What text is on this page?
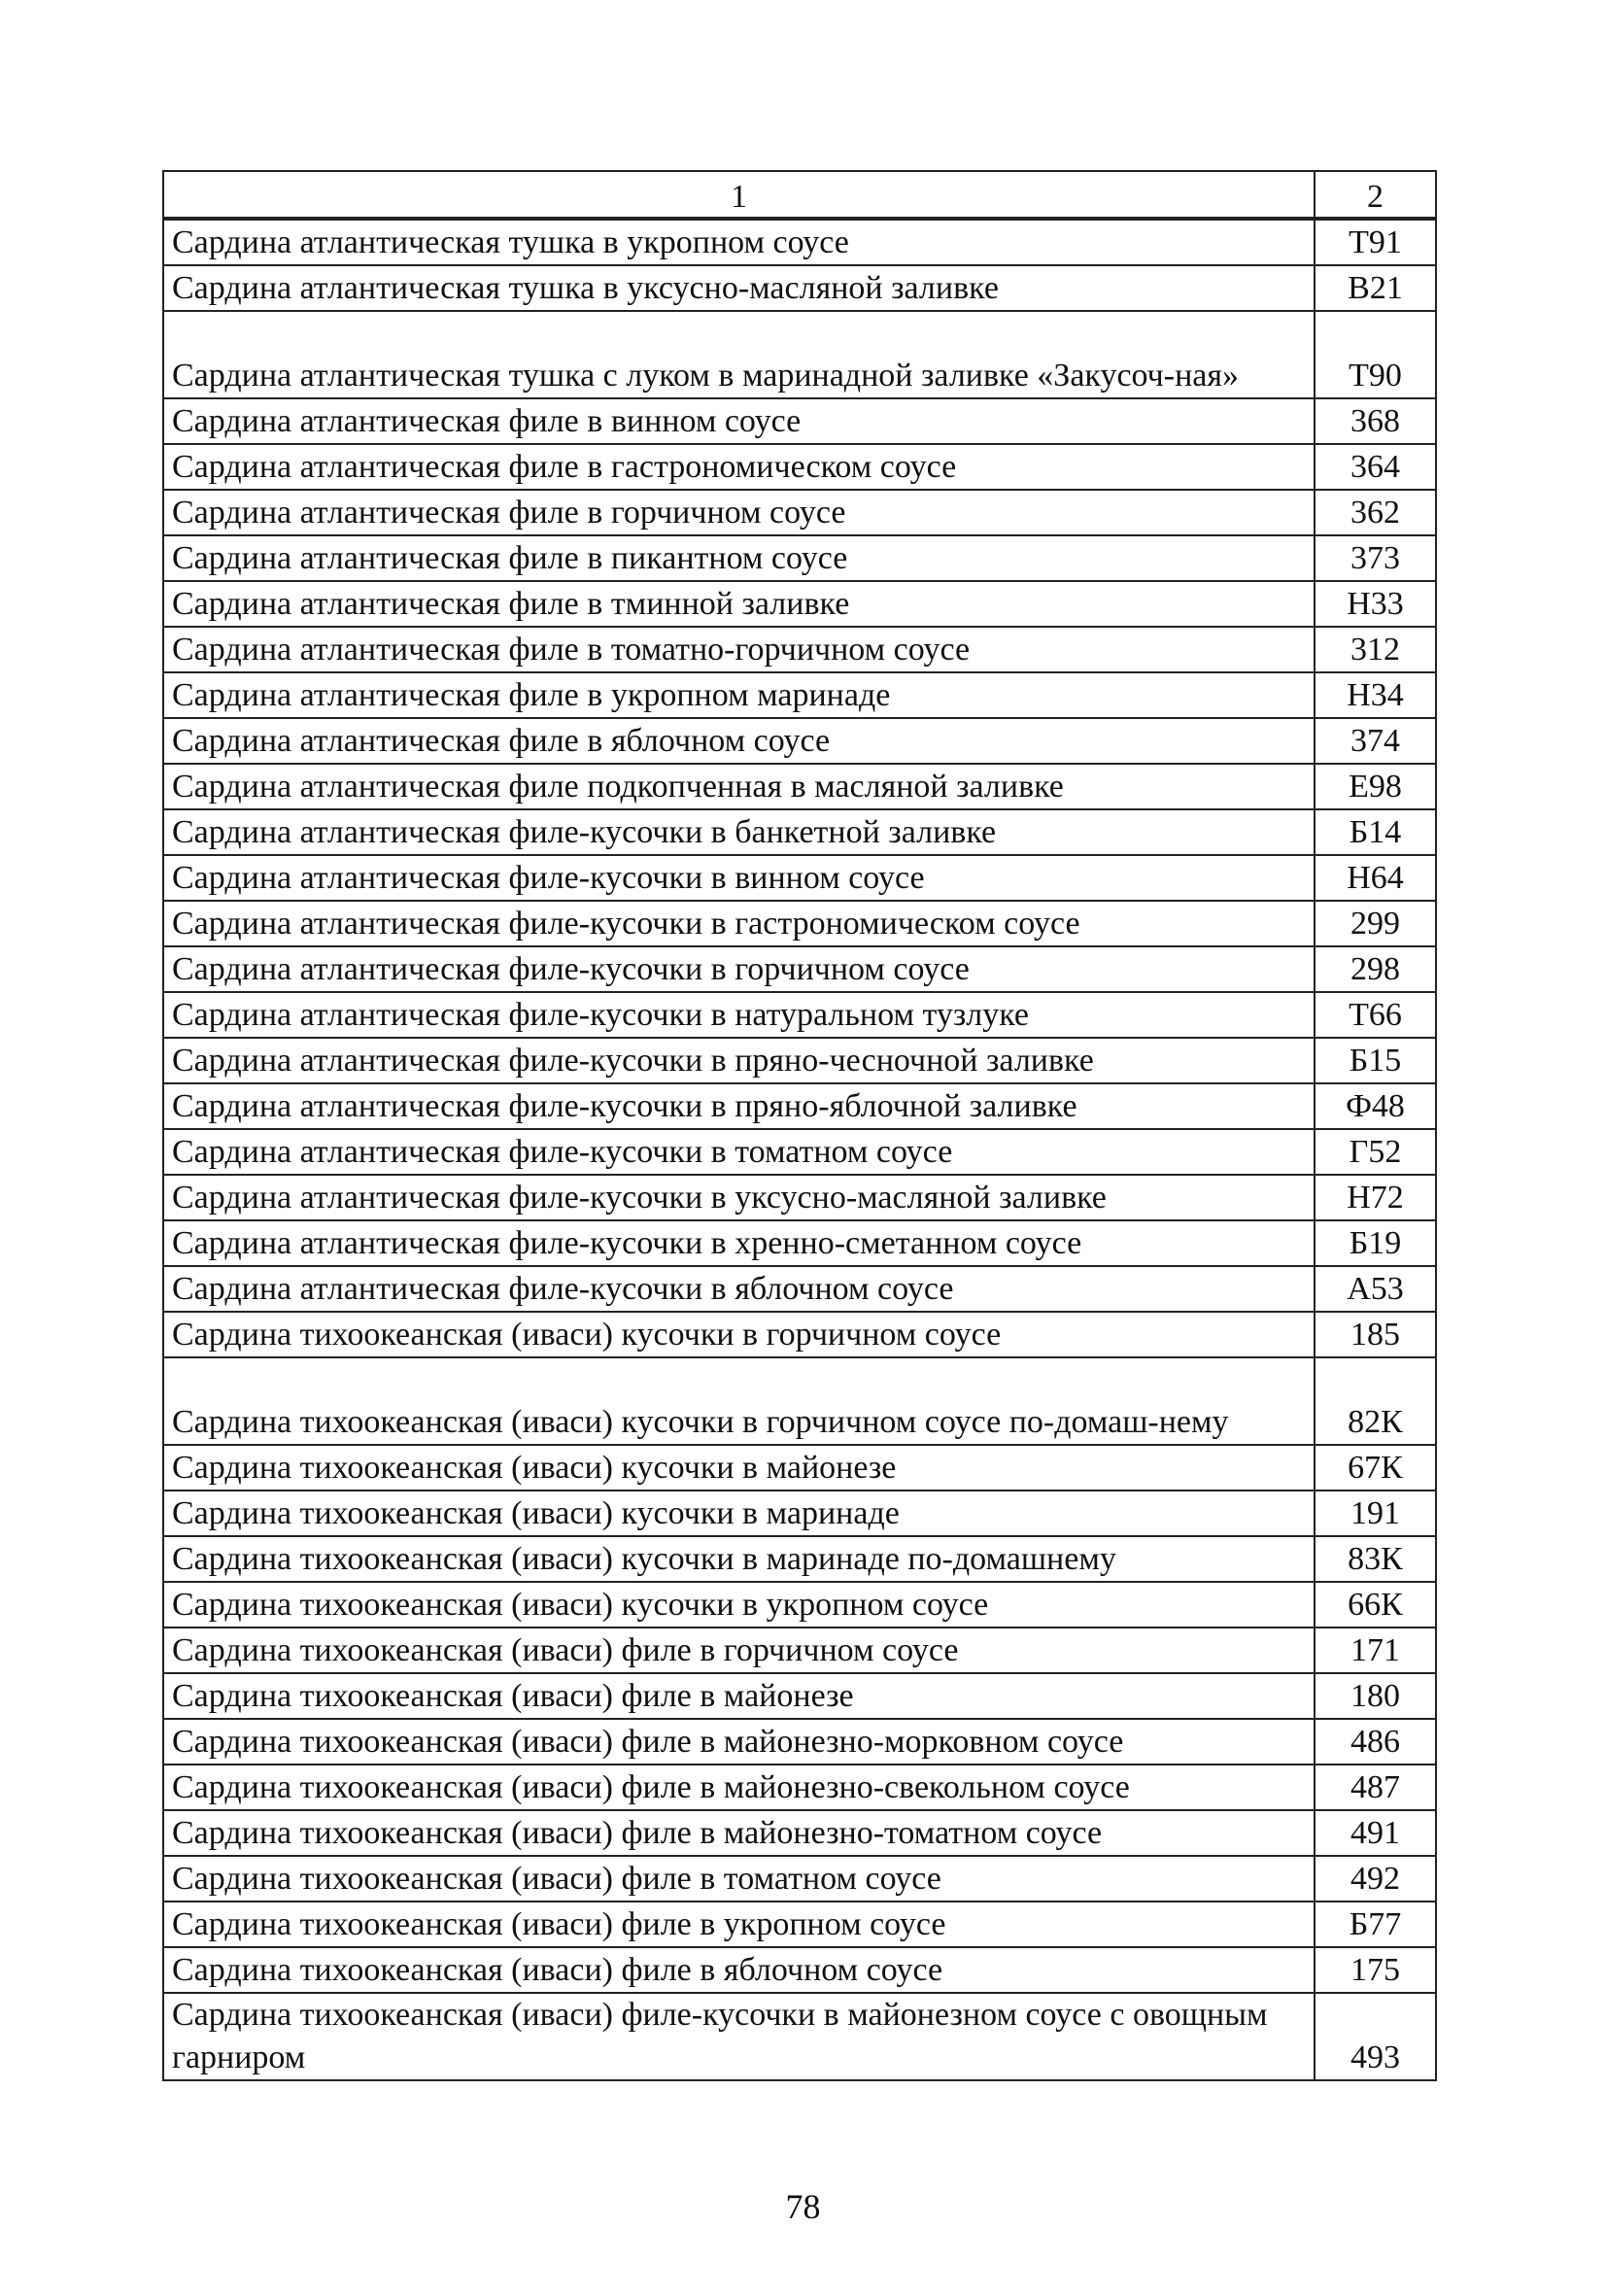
1	2
Сардина атлантическая тушка в укропном соусе	Т91
Сардина атлантическая тушка в уксусно-масляной заливке	В21
Сардина атлантическая тушка с луком в маринадной заливке «Закусоч-ная»	Т90
Сардина атлантическая филе в винном соусе	368
Сардина атлантическая филе в гастрономическом соусе	364
Сардина атлантическая филе в горчичном соусе	362
Сардина атлантическая филе в пикантном соусе	373
Сардина атлантическая филе в тминной заливке	Н33
Сардина атлантическая филе в томатно-горчичном соусе	312
Сардина атлантическая филе в укропном маринаде	Н34
Сардина атлантическая филе в яблочном соусе	374
Сардина атлантическая филе подкопченная в масляной заливке	Е98
Сардина атлантическая филе-кусочки в банкетной заливке	Б14
Сардина атлантическая филе-кусочки в винном соусе	Н64
Сардина атлантическая филе-кусочки в гастрономическом соусе	299
Сардина атлантическая филе-кусочки в горчичном соусе	298
Сардина атлантическая филе-кусочки в натуральном тузлуке	Т66
Сардина атлантическая филе-кусочки в пряно-чесночной заливке	Б15
Сардина атлантическая филе-кусочки в пряно-яблочной заливке	Ф48
Сардина атлантическая филе-кусочки в томатном соусе	Г52
Сардина атлантическая филе-кусочки в уксусно-масляной заливке	Н72
Сардина атлантическая филе-кусочки в хренно-сметанном соусе	Б19
Сардина атлантическая филе-кусочки в яблочном соусе	А53
Сардина тихоокеанская (иваси) кусочки в горчичном соусе	185
Сардина тихоокеанская (иваси) кусочки в горчичном соусе по-домаш-нему	82К
Сардина тихоокеанская (иваси) кусочки в майонезе	67К
Сардина тихоокеанская (иваси) кусочки в маринаде	191
Сардина тихоокеанская (иваси) кусочки в маринаде по-домашнему	83К
Сардина тихоокеанская (иваси) кусочки в укропном соусе	66К
Сардина тихоокеанская (иваси) филе в горчичном соусе	171
Сардина тихоокеанская (иваси) филе в майонезе	180
Сардина тихоокеанская (иваси) филе в майонезно-морковном соусе	486
Сардина тихоокеанская (иваси) филе в майонезно-свекольном соусе	487
Сардина тихоокеанская (иваси) филе в майонезно-томатном соусе	491
Сардина тихоокеанская (иваси) филе в томатном соусе	492
Сардина тихоокеанская (иваси) филе в укропном соусе	Б77
Сардина тихоокеанская (иваси) филе в яблочном соусе	175
Сардина тихоокеанская (иваси) филе-кусочки в майонезном соусе с овощным гарниром	493
78
